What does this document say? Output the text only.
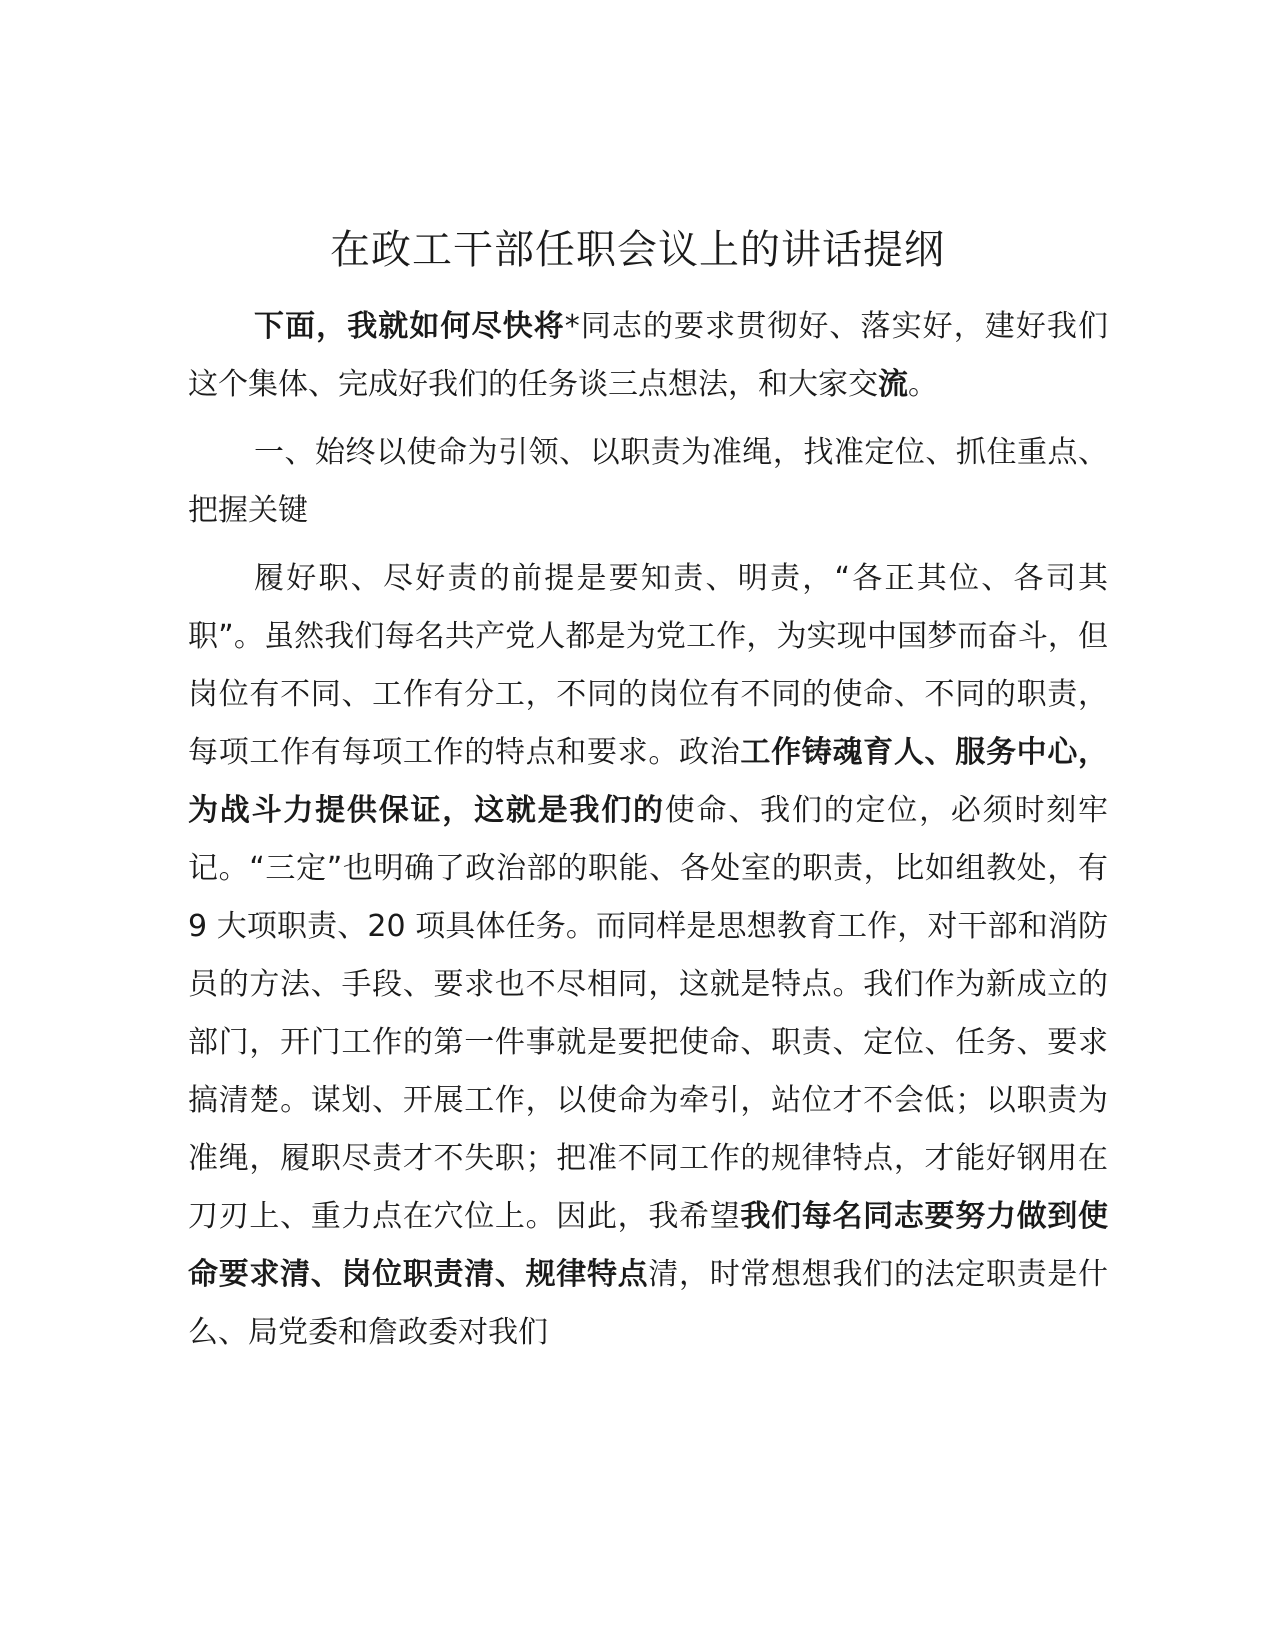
在政工干部任职会议上的讲话提纲

下面，我就如何尽快将*同志的要求贯彻好、落实好，建好我们这个集体、完成好我们的任务谈三点想法，和大家交流。

一、始终以使命为引领、以职责为准绳，找准定位、抓住重点、把握关键

履好职、尽好责的前提是要知责、明责，“各正其位、各司其职”。虽然我们每名共产党人都是为党工作，为实现中国梦而奋斗，但岗位有不同、工作有分工，不同的岗位有不同的使命、不同的职责，每项工作有每项工作的特点和要求。政治工作铸魂育人、服务中心，为战斗力提供保证，这就是我们的使命、我们的定位，必须时刻牢记。“三定”也明确了政治部的职能、各处室的职责，比如组教处，有 9 大项职责、20 项具体任务。而同样是思想教育工作，对干部和消防员的方法、手段、要求也不尽相同，这就是特点。我们作为新成立的部门，开门工作的第一件事就是要把使命、职责、定位、任务、要求搞清楚。谋划、开展工作，以使命为牵引，站位才不会低；以职责为准绳，履职尽责才不失职；把准不同工作的规律特点，才能好钢用在刀刃上、重力点在穴位上。因此，我希望我们每名同志要努力做到使命要求清、岗位职责清、规律特点清，时常想想我们的法定职责是什么、局党委和詹政委对我们
